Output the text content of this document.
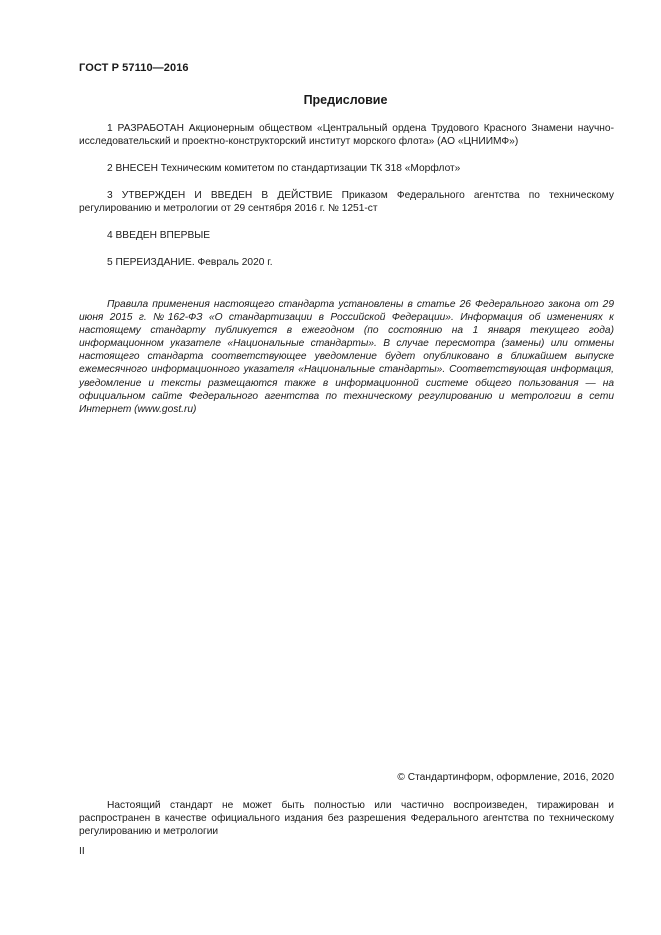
ГОСТ Р 57110—2016
Предисловие

1 РАЗРАБОТАН Акционерным обществом «Центральный ордена Трудового Красного Знамени научно-исследовательский и проектно-конструкторский институт морского флота» (АО «ЦНИИМФ»)

2 ВНЕСЕН Техническим комитетом по стандартизации ТК 318 «Морфлот»

3 УТВЕРЖДЕН И ВВЕДЕН В ДЕЙСТВИЕ Приказом Федерального агентства по техническому регулированию и метрологии от 29 сентября 2016 г. № 1251-ст

4 ВВЕДЕН ВПЕРВЫЕ

5 ПЕРЕИЗДАНИЕ. Февраль 2020 г.

Правила применения настоящего стандарта установлены в статье 26 Федерального закона от 29 июня 2015 г. №162-ФЗ «О стандартизации в Российской Федерации». Информация об изменениях к настоящему стандарту публикуется в ежегодном (по состоянию на 1 января текущего года) информационном указателе «Национальные стандарты». В случае пересмотра (замены) или отмены настоящего стандарта соответствующее уведомление будет опубликовано в ближайшем выпуске ежемесячного информационного указателя «Национальные стандарты». Соответствующая информация, уведомление и тексты размещаются также в информационной системе общего пользования — на официальном сайте Федерального агентства по техническому регулированию и метрологии в сети Интернет (www.gost.ru)

© Стандартинформ, оформление, 2016, 2020

Настоящий стандарт не может быть полностью или частично воспроизведен, тиражирован и распространен в качестве официального издания без разрешения Федерального агентства по техническому регулированию и метрологии

II
